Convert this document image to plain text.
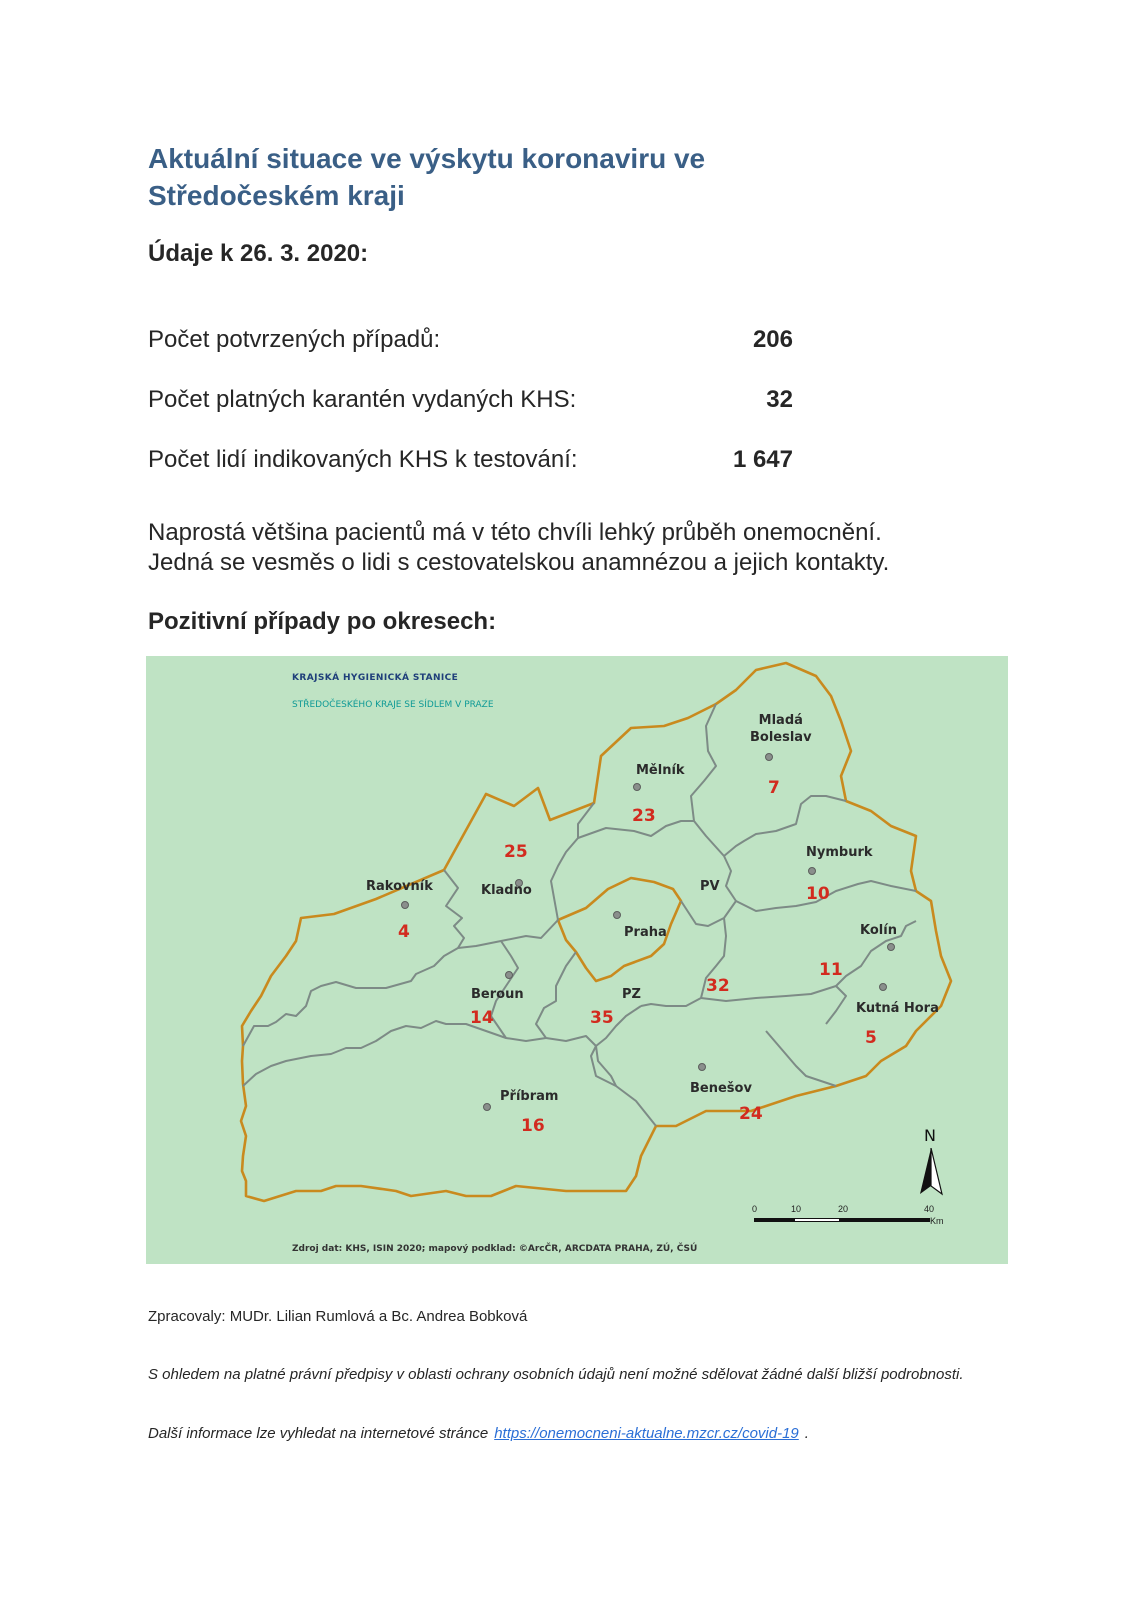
Aktuální situace ve výskytu koronaviru ve
Středočeském kraji
Údaje k 26. 3. 2020:
Počet potvrzených případů:	206
Počet platných karantén vydaných KHS:	32
Počet lidí indikovaných KHS k testování:	1 647
Naprostá většina pacientů má v této chvíli lehký průběh onemocnění.
Jedná se vesměs o lidi s cestovatelskou anamnézou a jejich kontakty.
Pozitivní případy po okresech:
KRAJSKÁ HYGIENICKÁ STANICE
STŘEDOČESKÉHO KRAJE SE SÍDLEM V PRAZE
Mladá
Boleslav
7
Mělník
23
Kladno
25	Nymburk
10
Rakovník
4
PV
Praha	Kolín
11
Beroun
14
PZ
35
32
Kutná Hora
5
Příbram
16
Benešov
24
N
0	10	20	40
Km
Zdroj dat: KHS, ISIN 2020; mapový podklad: ©ArcČR, ARCDATA PRAHA, ZÚ, ČSÚ
Zpracovaly: MUDr. Lilian Rumlová a Bc. Andrea Bobková
S ohledem na platné právní předpisy v oblasti ochrany osobních údajů není možné sdělovat žádné další bližší podrobnosti.
Další informace lze vyhledat na internetové stránce https://onemocneni-aktualne.mzcr.cz/covid-19 .
